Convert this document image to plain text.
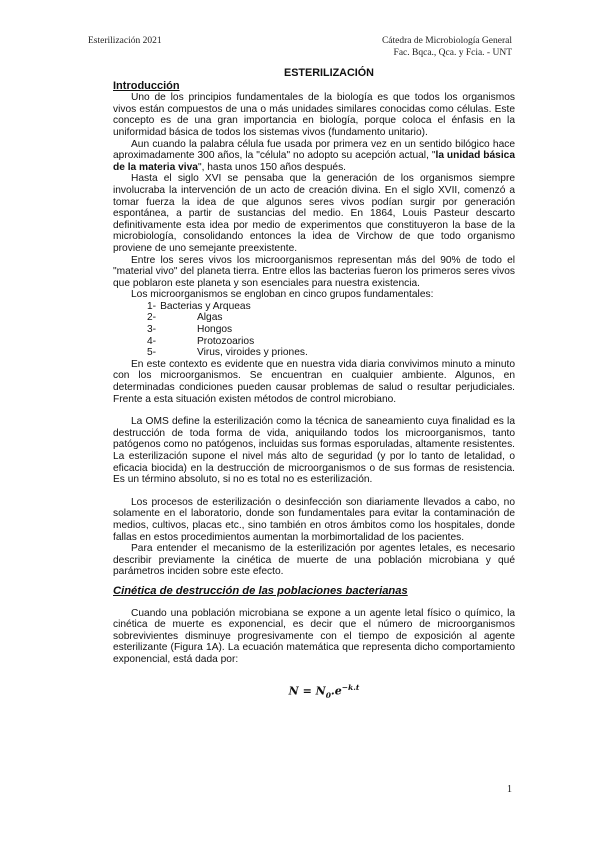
Esterilización 2021	Cátedra de Microbiología General
Fac. Bqca., Qca. y Fcia. - UNT
ESTERILIZACIÓN
Introducción

Uno de los principios fundamentales de la biología es que todos los organismos vivos están compuestos de una o más unidades similares conocidas como células. Este concepto es de una gran importancia en biología, porque coloca el énfasis en la uniformidad básica de todos los sistemas vivos (fundamento unitario).

Aun cuando la palabra célula fue usada por primera vez en un sentido bilógico hace aproximadamente 300 años, la "célula" no adopto su acepción actual, "la unidad básica de la materia viva", hasta unos 150 años después.

Hasta el siglo XVI se pensaba que la generación de los organismos siempre involucraba la intervención de un acto de creación divina. En el siglo XVII, comenzó a tomar fuerza la idea de que algunos seres vivos podían surgir por generación espontánea, a partir de sustancias del medio. En 1864, Louis Pasteur descarto definitivamente esta idea por medio de experimentos que constituyeron la base de la microbiología, consolidando entonces la idea de Virchow de que todo organismo proviene de uno semejante preexistente.

Entre los seres vivos los microorganismos representan más del 90% de todo el "material vivo" del planeta tierra. Entre ellos las bacterias fueron los primeros seres vivos que poblaron este planeta y son esenciales para nuestra existencia.

Los microorganismos se engloban en cinco grupos fundamentales:

1- Bacterias y Arqueas
2-	Algas
3-	Hongos
4-	Protozoarios
5-	Virus, viroides y priones.

En este contexto es evidente que en nuestra vida diaria convivimos minuto a minuto con los microorganismos. Se encuentran en cualquier ambiente. Algunos, en determinadas condiciones pueden causar problemas de salud o resultar perjudiciales. Frente a esta situación existen métodos de control microbiano.

La OMS define la esterilización como la técnica de saneamiento cuya finalidad es la destrucción de toda forma de vida, aniquilando todos los microorganismos, tanto patógenos como no patógenos, incluidas sus formas esporuladas, altamente resistentes. La esterilización supone el nivel más alto de seguridad (y por lo tanto de letalidad, o eficacia biocida) en la destrucción de microorganismos o de sus formas de resistencia. Es un término absoluto, si no es total no es esterilización.

Los procesos de esterilización o desinfección son diariamente llevados a cabo, no solamente en el laboratorio, donde son fundamentales para evitar la contaminación de medios, cultivos, placas etc., sino también en otros ámbitos como los hospitales, donde fallas en estos procedimientos aumentan la morbimortalidad de los pacientes.

Para entender el mecanismo de la esterilización por agentes letales, es necesario describir previamente la cinética de muerte de una población microbiana y qué parámetros inciden sobre este efecto.

Cinética de destrucción de las poblaciones bacterianas

Cuando una población microbiana se expone a un agente letal físico o químico, la cinética de muerte es exponencial, es decir que el número de microorganismos sobrevivientes disminuye progresivamente con el tiempo de exposición al agente esterilizante (Figura 1A). La ecuación matemática que representa dicho comportamiento exponencial, está dada por:

$N = N_0.e^{-k.t}$
1
